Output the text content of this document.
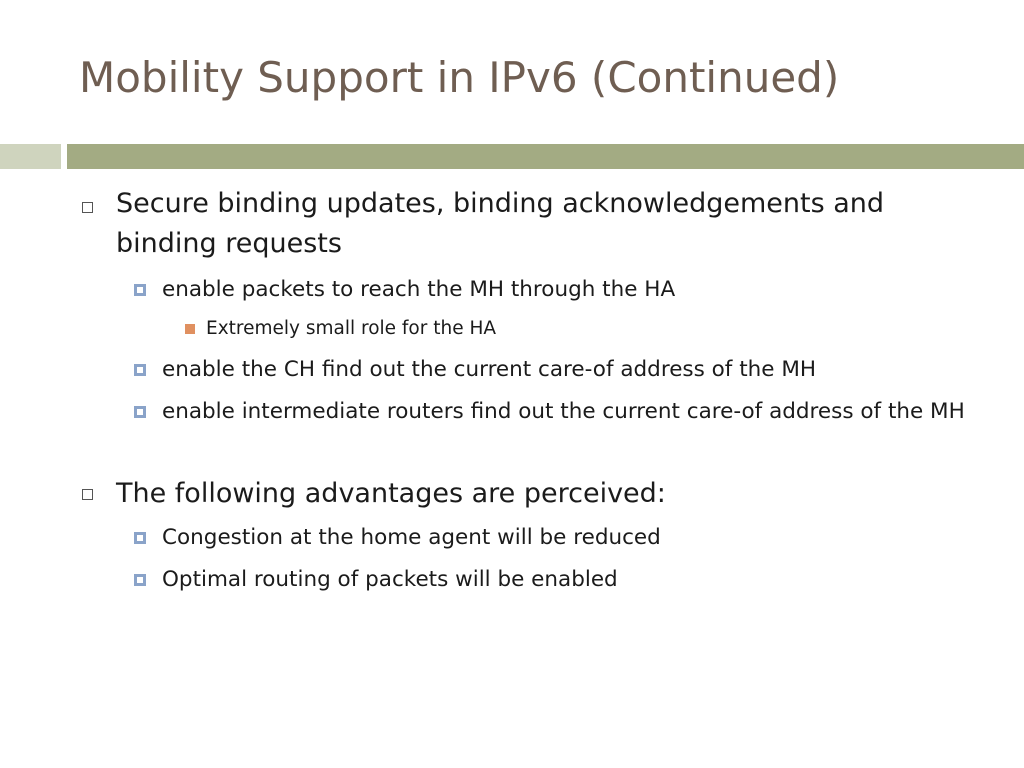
Mobility Support in IPv6 (Continued)
Secure binding updates, binding acknowledgements and binding requests
enable packets to reach the MH through the HA
Extremely small role for the HA
enable the CH find out the current care-of address of the MH
enable intermediate routers find out the current care-of address of the MH
The following advantages are perceived:
Congestion at the home agent will be reduced
Optimal routing of packets will be enabled
